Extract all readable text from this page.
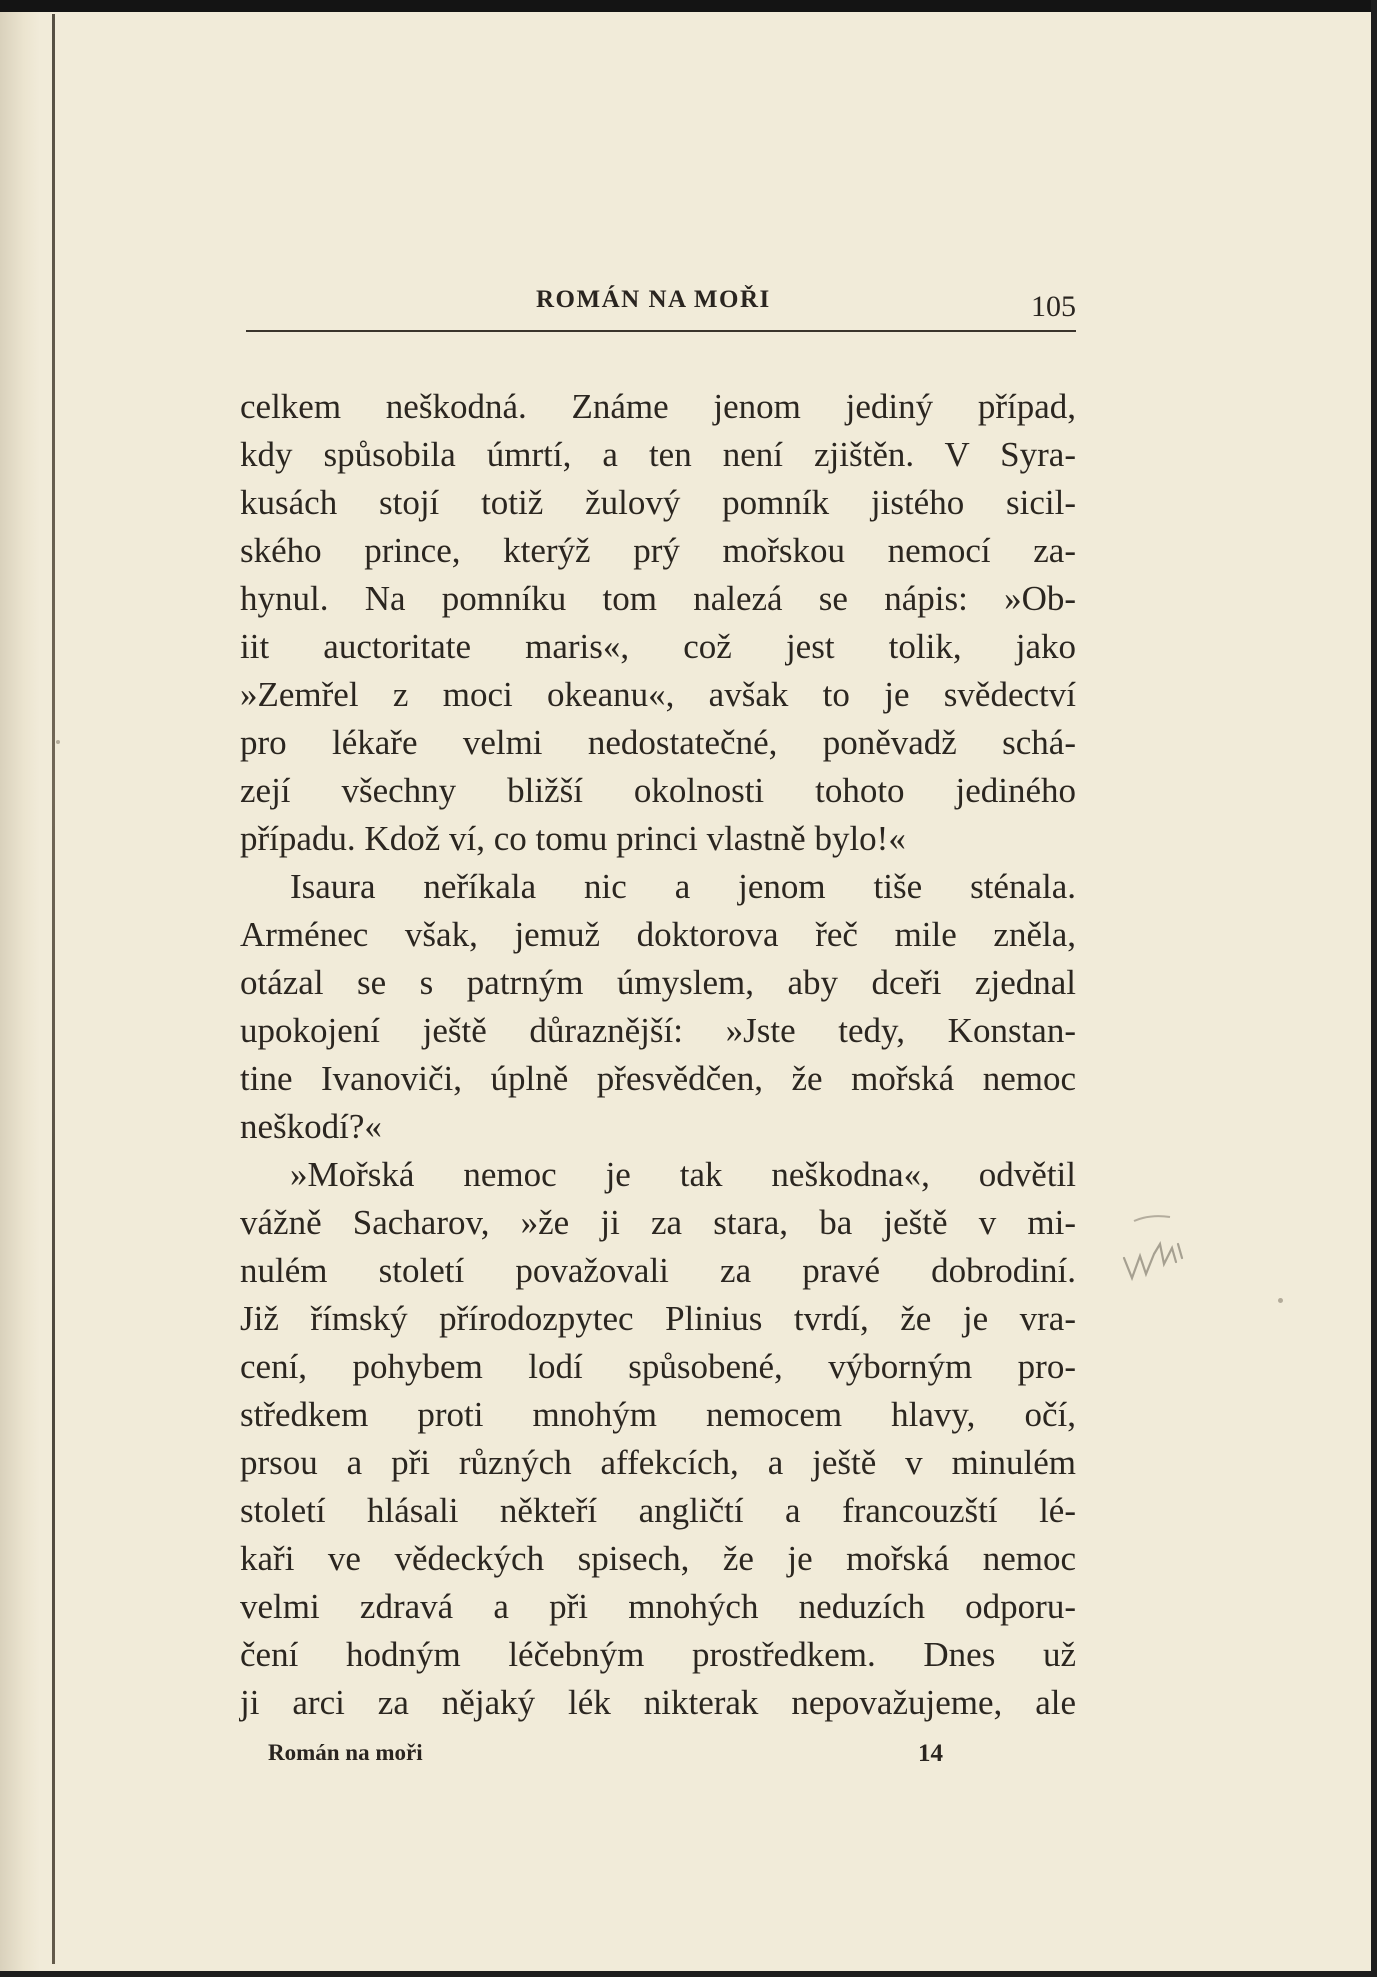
ROMÁN NA MOŘI	105
celkem neškodná. Známe jenom jediný případ,
kdy spůsobila úmrtí, a ten není zjištěn. V Syra-
kusách stojí totiž žulový pomník jistého sicil-
ského prince, kterýž prý mořskou nemocí za-
hynul. Na pomníku tom nalezá se nápis: »Ob-
iit auctoritate maris«, což jest tolik, jako
»Zemřel z moci okeanu«, avšak to je svědectví
pro lékaře velmi nedostatečné, poněvadž schá-
zejí všechny bližší okolnosti tohoto jediného
případu. Kdož ví, co tomu princi vlastně bylo!«
Isaura neříkala nic a jenom tiše sténala.
Arménec však, jemuž doktorova řeč mile zněla,
otázal se s patrným úmyslem, aby dceři zjednal
upokojení ještě důraznější: »Jste tedy, Konstan-
tine Ivanoviči, úplně přesvědčen, že mořská nemoc
neškodí?«
»Mořská nemoc je tak neškodna«, odvětil
vážně Sacharov, »že ji za stara, ba ještě v mi-
nulém století považovali za pravé dobrodiní.
Již římský přírodozpytec Plinius tvrdí, že je vra-
cení, pohybem lodí spůsobené, výborným pro-
středkem proti mnohým nemocem hlavy, očí,
prsou a při různých affekcích, a ještě v minulém
století hlásali někteří angličtí a francouzští lé-
kaři ve vědeckých spisech, že je mořská nemoc
velmi zdravá a při mnohých neduzích odporu-
čení hodným léčebným prostředkem. Dnes už
ji arci za nějaký lék nikterak nepovažujeme, ale
Román na moři	14
